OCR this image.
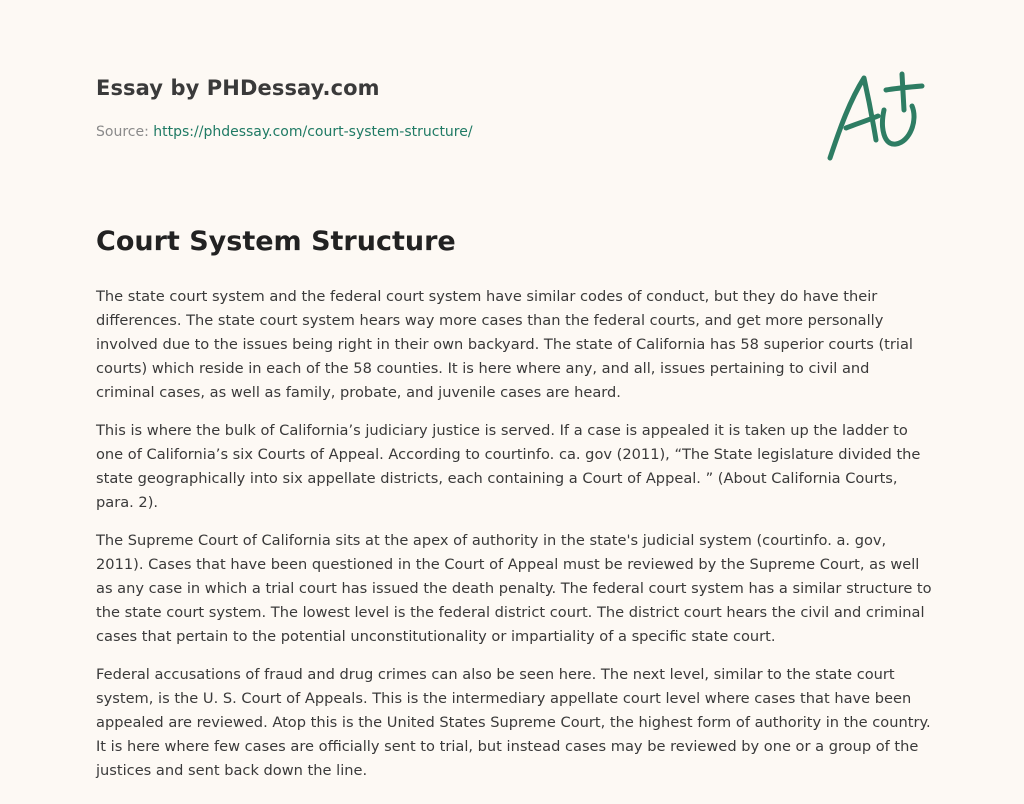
Essay by PHDessay.com
Source: https://phdessay.com/court-system-structure/
Court System Structure

The state court system and the federal court system have similar codes of conduct, but they do have their differences. The state court system hears way more cases than the federal courts, and get more personally involved due to the issues being right in their own backyard. The state of California has 58 superior courts (trial courts) which reside in each of the 58 counties. It is here where any, and all, issues pertaining to civil and criminal cases, as well as family, probate, and juvenile cases are heard.

This is where the bulk of California’s judiciary justice is served. If a case is appealed it is taken up the ladder to one of California’s six Courts of Appeal. According to courtinfo. ca. gov (2011), “The State legislature divided the state geographically into six appellate districts, each containing a Court of Appeal. ” (About California Courts, para. 2).

The Supreme Court of California sits at the apex of authority in the state's judicial system (courtinfo. a. gov, 2011). Cases that have been questioned in the Court of Appeal must be reviewed by the Supreme Court, as well as any case in which a trial court has issued the death penalty. The federal court system has a similar structure to the state court system. The lowest level is the federal district court. The district court hears the civil and criminal cases that pertain to the potential unconstitutionality or impartiality of a specific state court.

Federal accusations of fraud and drug crimes can also be seen here. The next level, similar to the state court system, is the U. S. Court of Appeals. This is the intermediary appellate court level where cases that have been appealed are reviewed. Atop this is the United States Supreme Court, the highest form of authority in the country. It is here where few cases are officially sent to trial, but instead cases may be reviewed by one or a group of the justices and sent back down the line.
